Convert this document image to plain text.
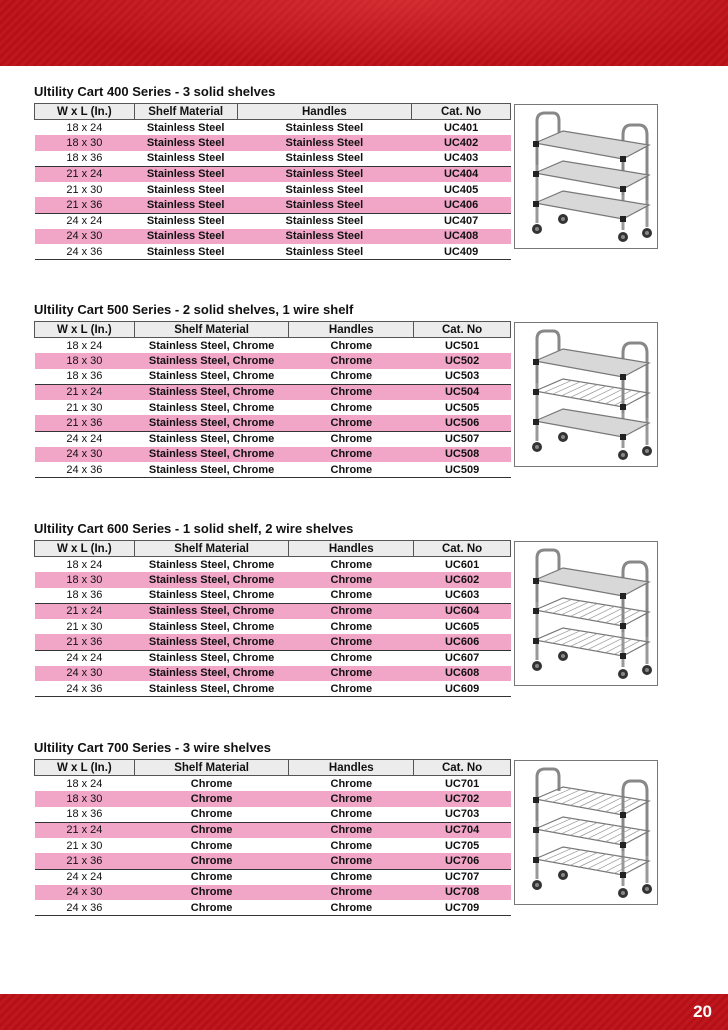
Ultility Cart 400 Series - 3 solid shelves
W x L (In.)	Shelf Material	Handles	Cat. No
18 x 24	Stainless Steel	Stainless Steel	UC401
18 x 30	Stainless Steel	Stainless Steel	UC402
18 x 36	Stainless Steel	Stainless Steel	UC403
21 x 24	Stainless Steel	Stainless Steel	UC404
21 x 30	Stainless Steel	Stainless Steel	UC405
21 x 36	Stainless Steel	Stainless Steel	UC406
24 x 24	Stainless Steel	Stainless Steel	UC407
24 x 30	Stainless Steel	Stainless Steel	UC408
24 x 36	Stainless Steel	Stainless Steel	UC409
Ultility Cart 500 Series - 2 solid shelves, 1 wire shelf
W x L (In.)	Shelf Material	Handles	Cat. No
18 x 24	Stainless Steel, Chrome	Chrome	UC501
18 x 30	Stainless Steel, Chrome	Chrome	UC502
18 x 36	Stainless Steel, Chrome	Chrome	UC503
21 x 24	Stainless Steel, Chrome	Chrome	UC504
21 x 30	Stainless Steel, Chrome	Chrome	UC505
21 x 36	Stainless Steel, Chrome	Chrome	UC506
24 x 24	Stainless Steel, Chrome	Chrome	UC507
24 x 30	Stainless Steel, Chrome	Chrome	UC508
24 x 36	Stainless Steel, Chrome	Chrome	UC509
Ultility Cart 600 Series - 1 solid shelf, 2 wire shelves
W x L (In.)	Shelf Material	Handles	Cat. No
18 x 24	Stainless Steel, Chrome	Chrome	UC601
18 x 30	Stainless Steel, Chrome	Chrome	UC602
18 x 36	Stainless Steel, Chrome	Chrome	UC603
21 x 24	Stainless Steel, Chrome	Chrome	UC604
21 x 30	Stainless Steel, Chrome	Chrome	UC605
21 x 36	Stainless Steel, Chrome	Chrome	UC606
24 x 24	Stainless Steel, Chrome	Chrome	UC607
24 x 30	Stainless Steel, Chrome	Chrome	UC608
24 x 36	Stainless Steel, Chrome	Chrome	UC609
Ultility Cart 700 Series - 3 wire shelves
W x L (In.)	Shelf Material	Handles	Cat. No
18 x 24	Chrome	Chrome	UC701
18 x 30	Chrome	Chrome	UC702
18 x 36	Chrome	Chrome	UC703
21 x 24	Chrome	Chrome	UC704
21 x 30	Chrome	Chrome	UC705
21 x 36	Chrome	Chrome	UC706
24 x 24	Chrome	Chrome	UC707
24 x 30	Chrome	Chrome	UC708
24 x 36	Chrome	Chrome	UC709
20
